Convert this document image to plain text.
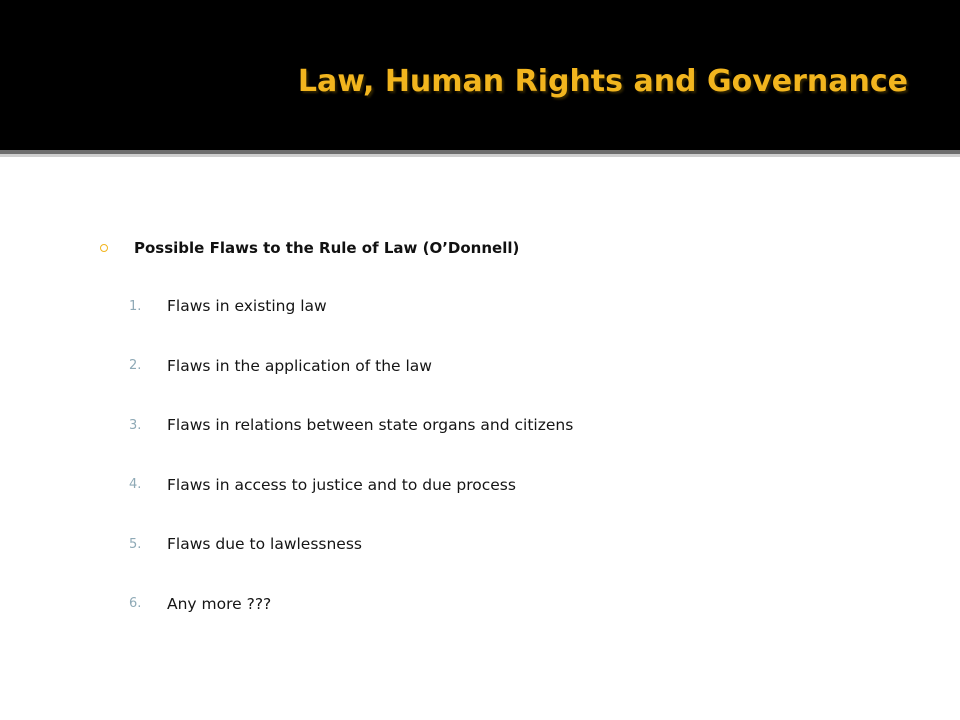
Law, Human Rights and Governance
Possible Flaws to the Rule of Law (O’Donnell)
1.	Flaws in existing law
2.	Flaws in the application of the law
3.	Flaws in relations between state organs and citizens
4.	Flaws in access to justice and to due process
5.	Flaws due to lawlessness
6.	Any more ???
